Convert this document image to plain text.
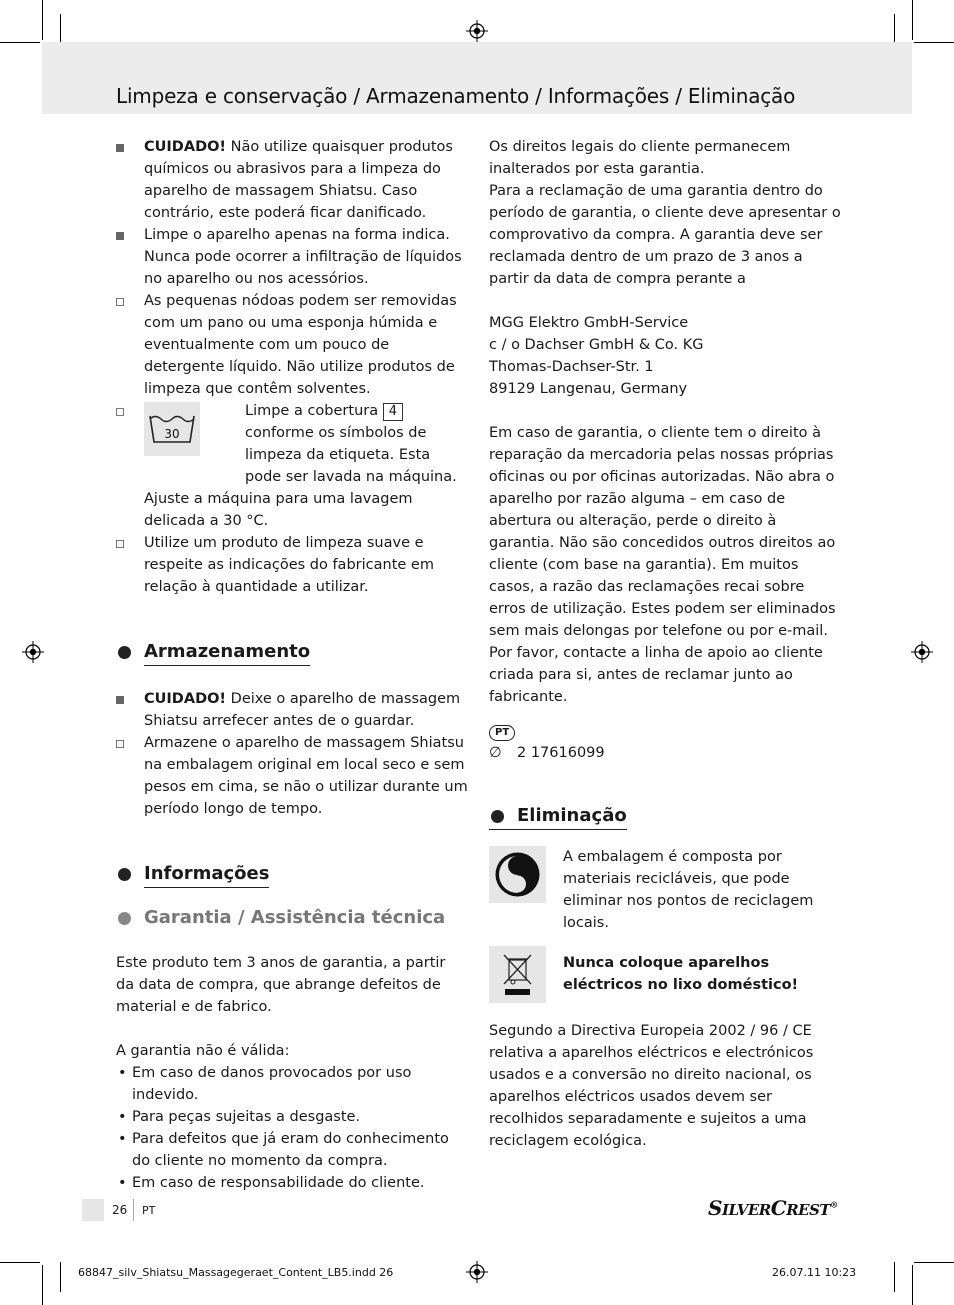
Limpeza e conservação / Armazenamento / Informações / Eliminação
CUIDADO! Não utilize quaisquer produtos químicos ou abrasivos para a limpeza do aparelho de massagem Shiatsu. Caso contrário, este poderá ficar danificado.
Limpe o aparelho apenas na forma indica. Nunca pode ocorrer a infiltração de líquidos no aparelho ou nos acessórios.
As pequenas nódoas podem ser removidas com um pano ou uma esponja húmida e eventualmente com um pouco de detergente líquido. Não utilize produtos de limpeza que contêm solventes.
30
Limpe a cobertura 4 conforme os símbolos de limpeza da etiqueta. Esta pode ser lavada na máquina.
Ajuste a máquina para uma lavagem delicada a 30 °C.
Utilize um produto de limpeza suave e respeite as indicações do fabricante em relação à quantidade a utilizar.
Armazenamento
CUIDADO! Deixe o aparelho de massagem Shiatsu arrefecer antes de o guardar.
Armazene o aparelho de massagem Shiatsu na embalagem original em local seco e sem pesos em cima, se não o utilizar durante um período longo de tempo.
Informações
Garantia / Assistência técnica
Este produto tem 3 anos de garantia, a partir da data de compra, que abrange defeitos de material e de fabrico.
A garantia não é válida:
• Em caso de danos provocados por uso indevido.
• Para peças sujeitas a desgaste.
• Para defeitos que já eram do conhecimento do cliente no momento da compra.
• Em caso de responsabilidade do cliente.
Os direitos legais do cliente permanecem inalterados por esta garantia.
Para a reclamação de uma garantia dentro do período de garantia, o cliente deve apresentar o comprovativo da compra. A garantia deve ser reclamada dentro de um prazo de 3 anos a partir da data de compra perante a
MGG Elektro GmbH-Service
c / o Dachser GmbH & Co. KG
Thomas-Dachser-Str. 1
89129 Langenau, Germany
Em caso de garantia, o cliente tem o direito à reparação da mercadoria pelas nossas próprias oficinas ou por oficinas autorizadas. Não abra o aparelho por razão alguma – em caso de abertura ou alteração, perde o direito à garantia. Não são concedidos outros direitos ao cliente (com base na garantia). Em muitos casos, a razão das reclamações recai sobre erros de utilização. Estes podem ser eliminados sem mais delongas por telefone ou por e-mail. Por favor, contacte a linha de apoio ao cliente criada para si, antes de reclamar junto ao fabricante.
PT
∅ 2 17616099
Eliminação
A embalagem é composta por materiais recicláveis, que pode eliminar nos pontos de reciclagem locais.
Nunca coloque aparelhos eléctricos no lixo doméstico!
Segundo a Directiva Europeia 2002 / 96 / CE relativa a aparelhos eléctricos e electrónicos usados e a conversão no direito nacional, os aparelhos eléctricos usados devem ser recolhidos separadamente e sujeitos a uma reciclagem ecológica.
26 PT	SILVERCREST®
68847_silv_Shiatsu_Massagegeraet_Content_LB5.indd 26	26.07.11 10:23
